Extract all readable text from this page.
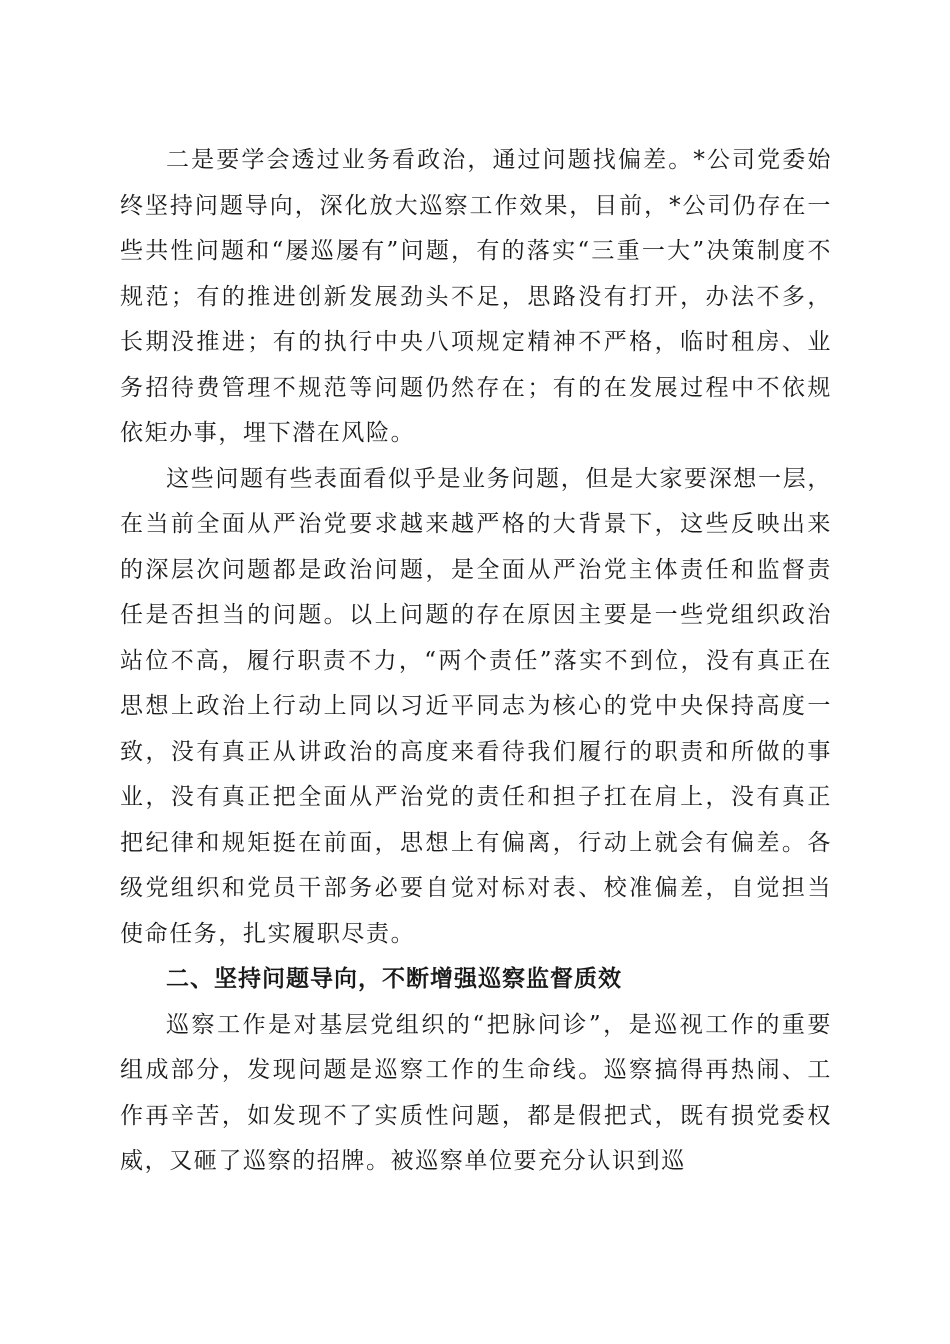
二是要学会透过业务看政治，通过问题找偏差。*公司党委始终坚持问题导向，深化放大巡察工作效果，目前，*公司仍存在一些共性问题和“屡巡屡有”问题，有的落实“三重一大”决策制度不规范；有的推进创新发展劲头不足，思路没有打开，办法不多，长期没推进；有的执行中央八项规定精神不严格，临时租房、业务招待费管理不规范等问题仍然存在；有的在发展过程中不依规依矩办事，埋下潜在风险。

这些问题有些表面看似乎是业务问题，但是大家要深想一层，在当前全面从严治党要求越来越严格的大背景下，这些反映出来的深层次问题都是政治问题，是全面从严治党主体责任和监督责任是否担当的问题。以上问题的存在原因主要是一些党组织政治站位不高，履行职责不力，“两个责任”落实不到位，没有真正在思想上政治上行动上同以习近平同志为核心的党中央保持高度一致，没有真正从讲政治的高度来看待我们履行的职责和所做的事业，没有真正把全面从严治党的责任和担子扛在肩上，没有真正把纪律和规矩挺在前面，思想上有偏离，行动上就会有偏差。各级党组织和党员干部务必要自觉对标对表、校准偏差，自觉担当使命任务，扎实履职尽责。

二、坚持问题导向，不断增强巡察监督质效

巡察工作是对基层党组织的“把脉问诊”，是巡视工作的重要组成部分，发现问题是巡察工作的生命线。巡察搞得再热闹、工作再辛苦，如发现不了实质性问题，都是假把式，既有损党委权威，又砸了巡察的招牌。被巡察单位要充分认识到巡
